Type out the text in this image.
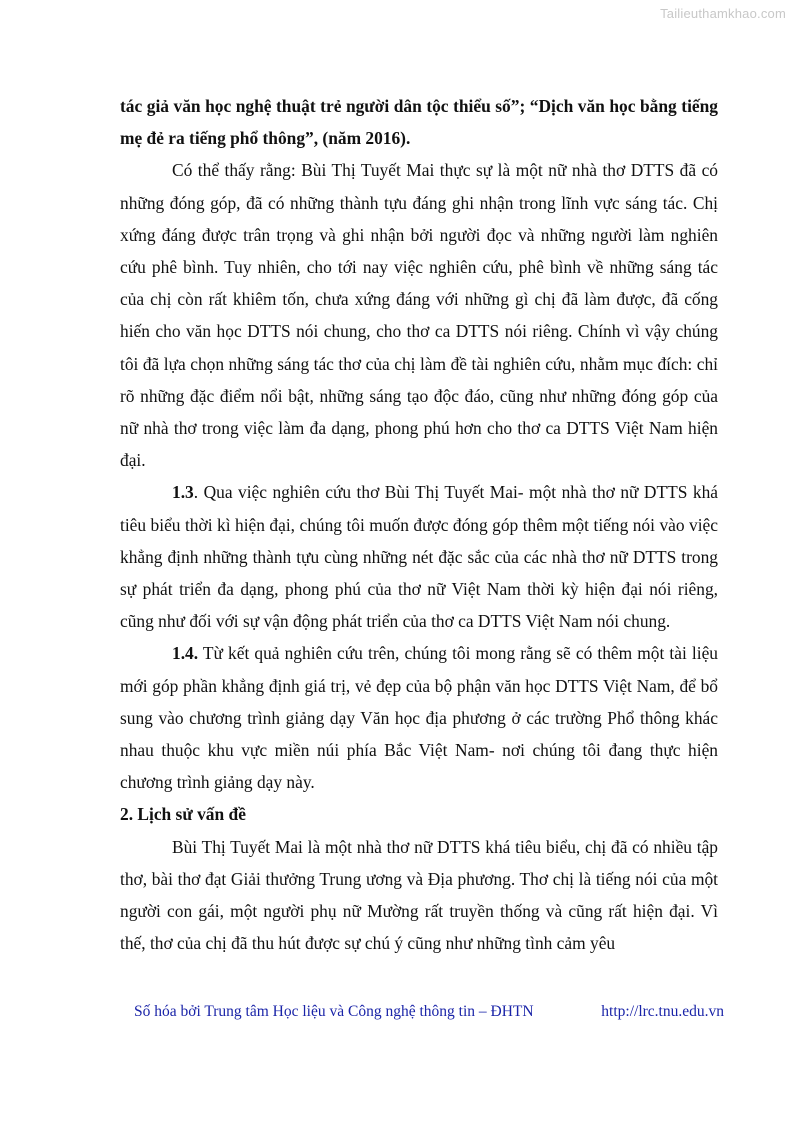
Tailieuthamkhao.com

tác giả văn học nghệ thuật trẻ người dân tộc thiểu số”; “Dịch văn học bằng tiếng mẹ đẻ ra tiếng phổ thông”, (năm 2016).

Có thể thấy rằng: Bùi Thị Tuyết Mai thực sự là một nữ nhà thơ DTTS đã có những đóng góp, đã có những thành tựu đáng ghi nhận trong lĩnh vực sáng tác. Chị xứng đáng được trân trọng và ghi nhận bởi người đọc và những người làm nghiên cứu phê bình. Tuy nhiên, cho tới nay việc nghiên cứu, phê bình về những sáng tác của chị còn rất khiêm tốn, chưa xứng đáng với những gì chị đã làm được, đã cống hiến cho văn học DTTS nói chung, cho thơ ca DTTS nói riêng. Chính vì vậy chúng tôi đã lựa chọn những sáng tác thơ của chị làm đề tài nghiên cứu, nhằm mục đích: chỉ rõ những đặc điểm nổi bật, những sáng tạo độc đáo, cũng như những đóng góp của nữ nhà thơ trong việc làm đa dạng, phong phú hơn cho thơ ca DTTS Việt Nam hiện đại.

1.3. Qua việc nghiên cứu thơ Bùi Thị Tuyết Mai- một nhà thơ nữ DTTS khá tiêu biểu thời kì hiện đại, chúng tôi muốn được đóng góp thêm một tiếng nói vào việc khẳng định những thành tựu cùng những nét đặc sắc của các nhà thơ nữ DTTS trong sự phát triển đa dạng, phong phú của thơ nữ Việt Nam thời kỳ hiện đại nói riêng, cũng như đối với sự vận động phát triển của thơ ca DTTS Việt Nam nói chung.

1.4. Từ kết quả nghiên cứu trên, chúng tôi mong rằng sẽ có thêm một tài liệu mới góp phần khẳng định giá trị, vẻ đẹp của bộ phận văn học DTTS Việt Nam, để bổ sung vào chương trình giảng dạy Văn học địa phương ở các trường Phổ thông khác nhau thuộc khu vực miền núi phía Bắc Việt Nam- nơi chúng tôi đang thực hiện chương trình giảng dạy này.

2. Lịch sử vấn đề

Bùi Thị Tuyết Mai là một nhà thơ nữ DTTS khá tiêu biểu, chị đã có nhiều tập thơ, bài thơ đạt Giải thưởng Trung ương và Địa phương. Thơ chị là tiếng nói của một người con gái, một người phụ nữ Mường rất truyền thống và cũng rất hiện đại. Vì thế, thơ của chị đã thu hút được sự chú ý cũng như những tình cảm yêu

Số hóa bởi Trung tâm Học liệu và Công nghệ thông tin – ĐHTN	http://lrc.tnu.edu.vn
